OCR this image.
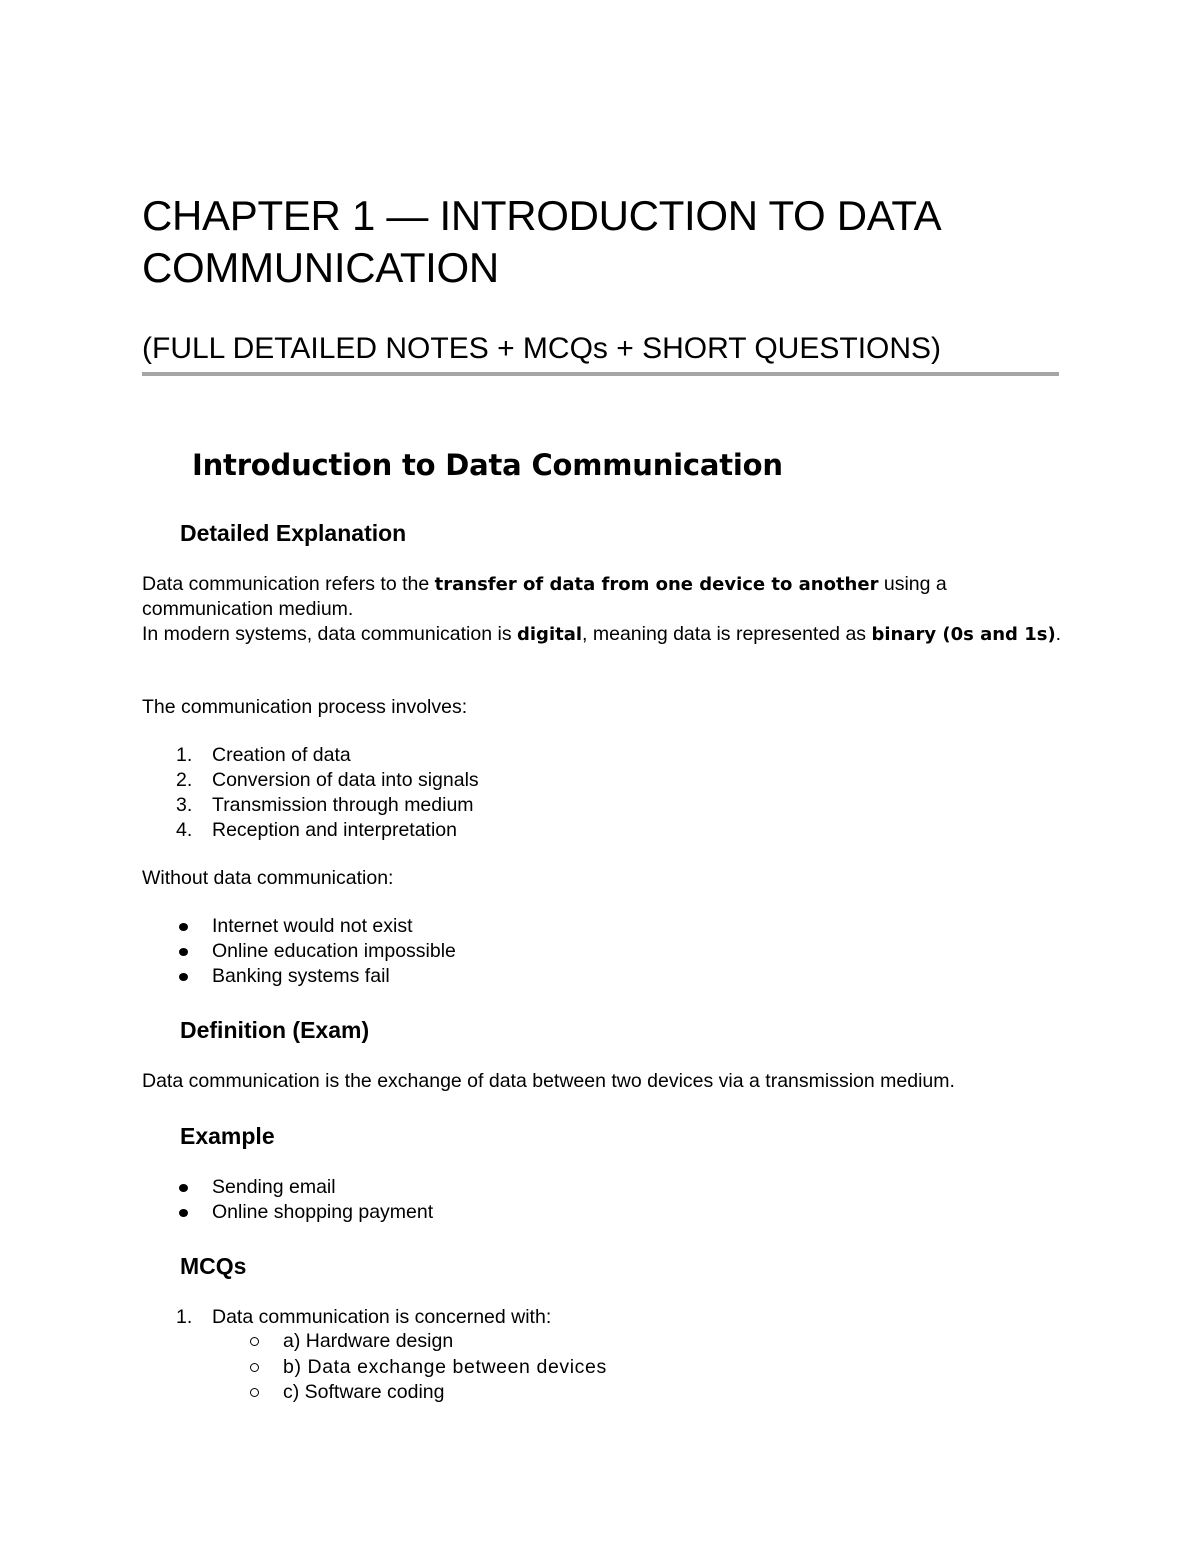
CHAPTER 1 — INTRODUCTION TO DATA COMMUNICATION
(FULL DETAILED NOTES + MCQs + SHORT QUESTIONS)
Introduction to Data Communication
Detailed Explanation

Data communication refers to the transfer of data from one device to another using a communication medium.

In modern systems, data communication is digital, meaning data is represented as binary (0s and 1s).

The communication process involves:

1. Creation of data
2. Conversion of data into signals
3. Transmission through medium
4. Reception and interpretation

Without data communication:

Internet would not exist
Online education impossible
Banking systems fail
Definition (Exam)

Data communication is the exchange of data between two devices via a transmission medium.

Example
Sending email
Online shopping payment
MCQs
1. Data communication is concerned with:
a) Hardware design
b) Data exchange between devices
c) Software coding
